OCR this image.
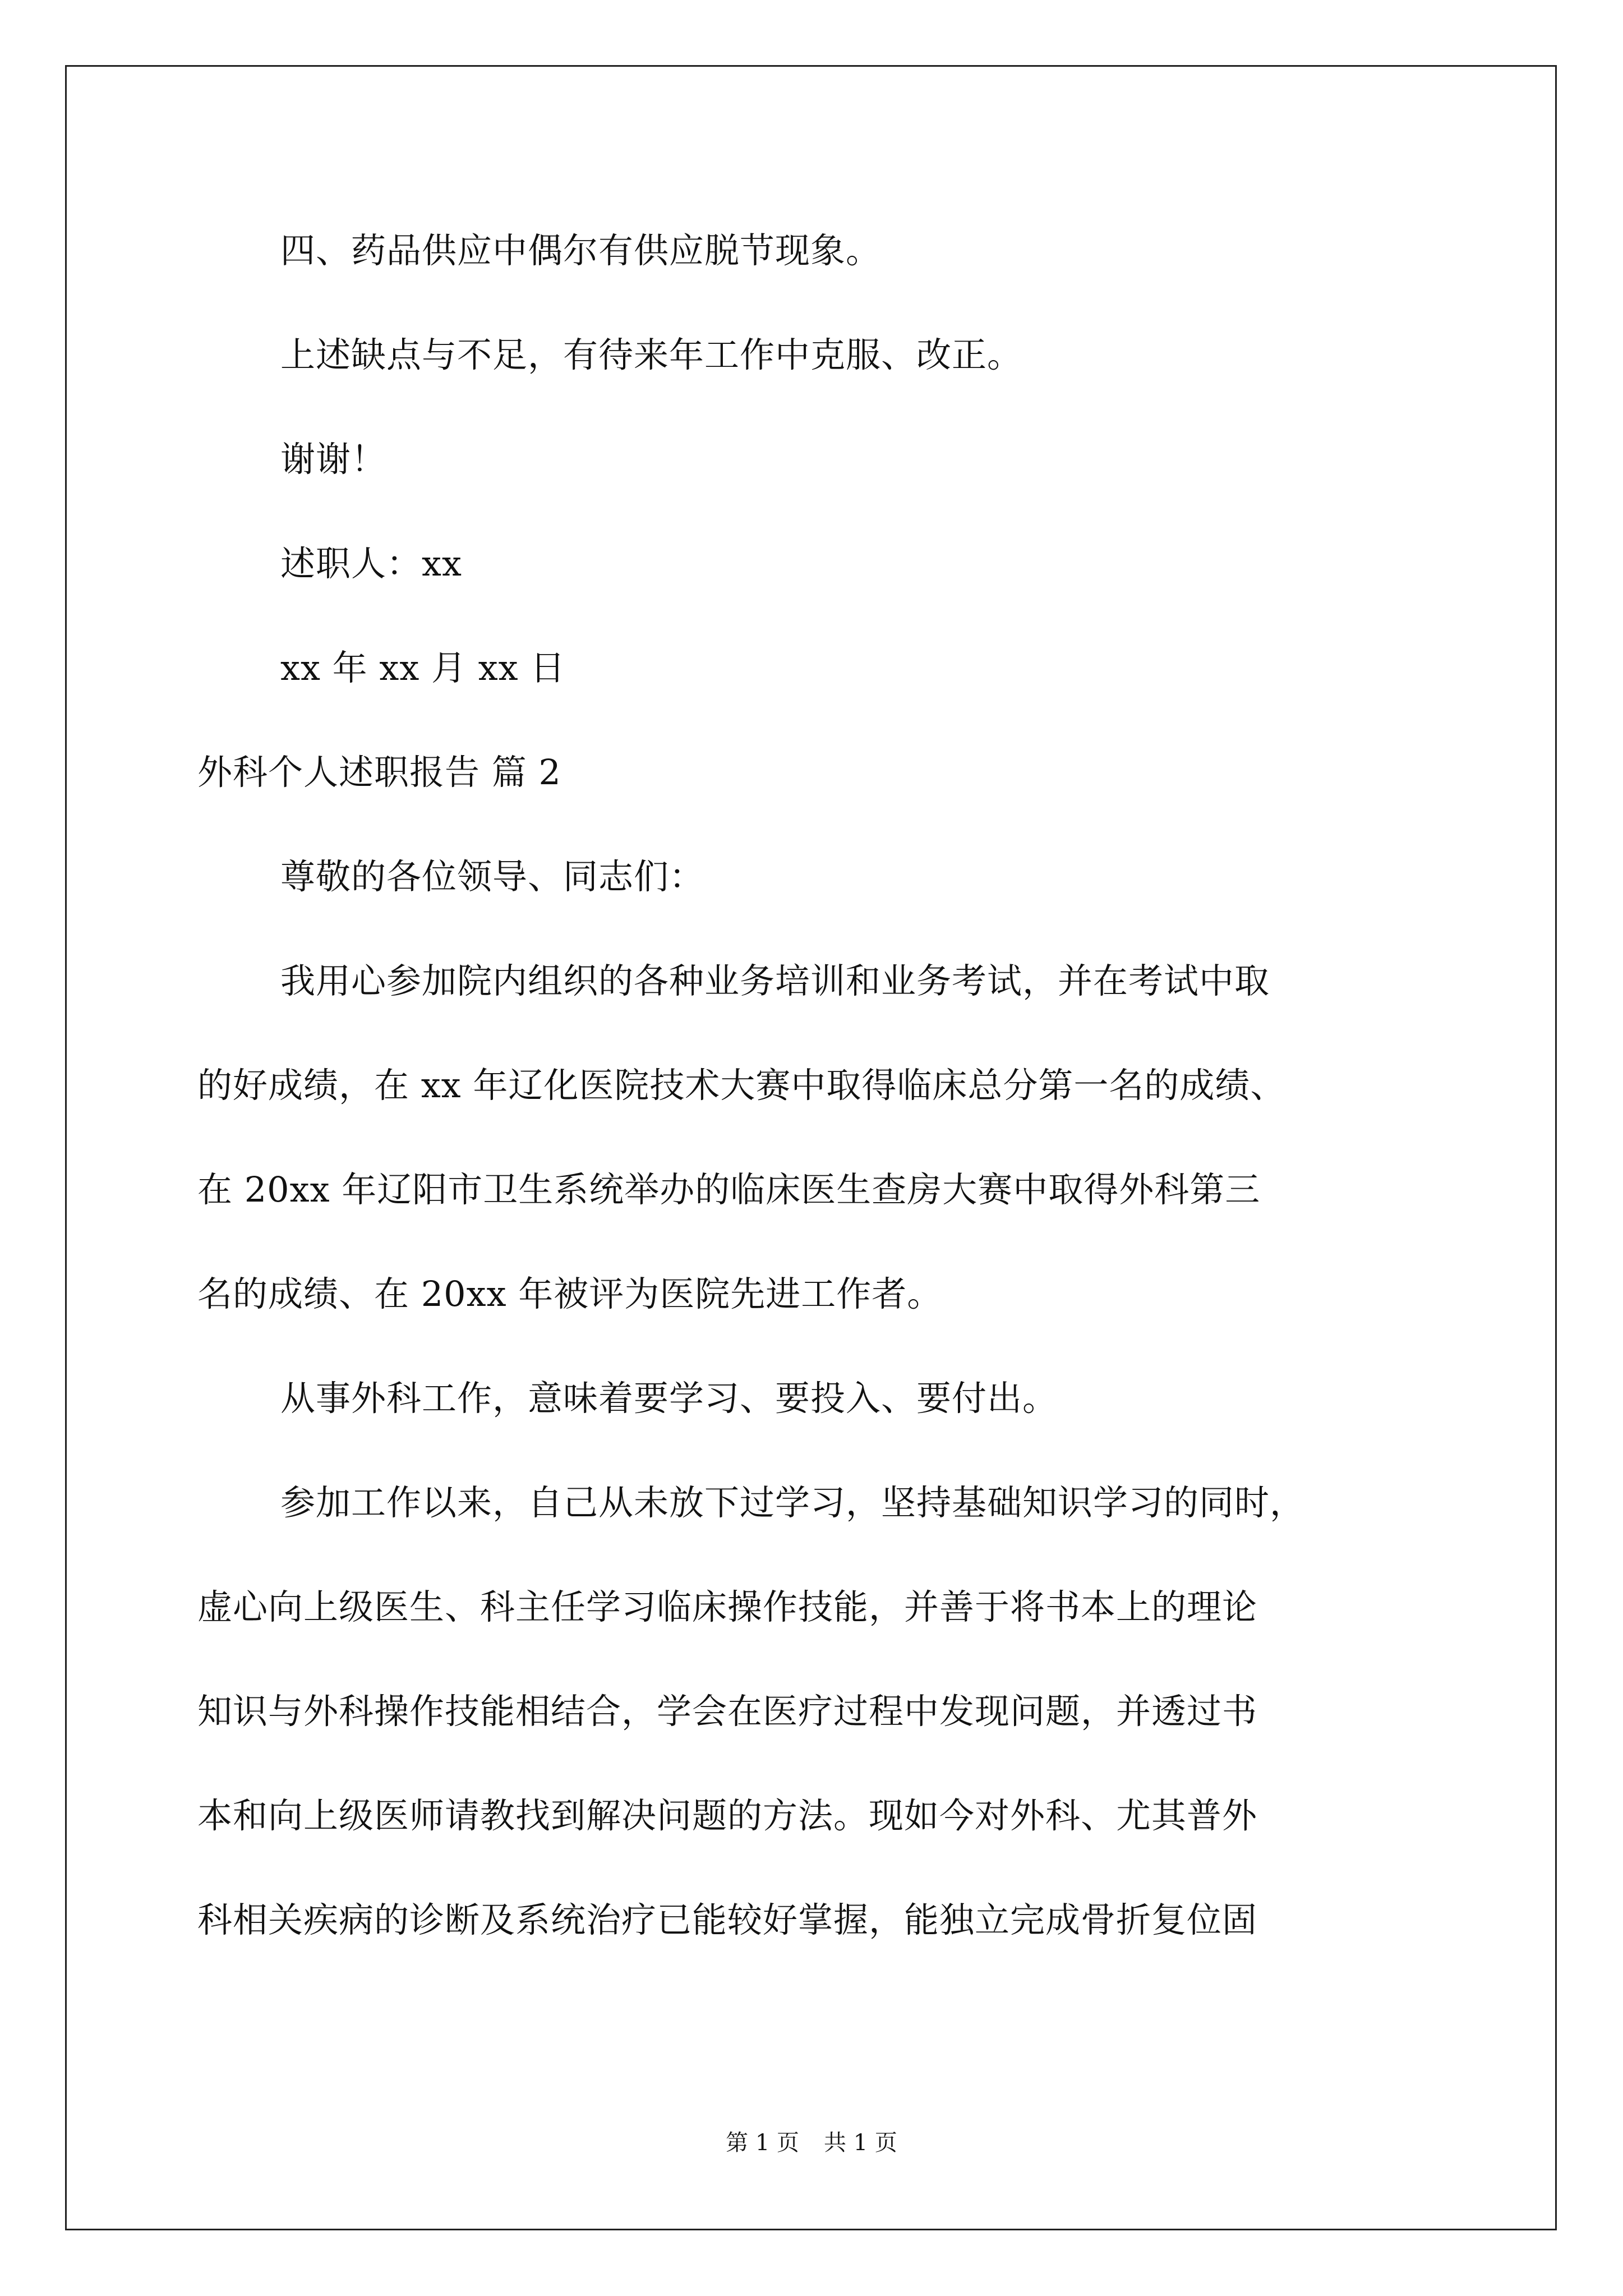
四、药品供应中偶尔有供应脱节现象。

上述缺点与不足，有待来年工作中克服、改正。

谢谢！

述职人：xx

xx 年 xx 月 xx 日

外科个人述职报告 篇 2

尊敬的各位领导、同志们：

我用心参加院内组织的各种业务培训和业务考试，并在考试中取

的好成绩，在 xx 年辽化医院技术大赛中取得临床总分第一名的成绩、

在 20xx 年辽阳市卫生系统举办的临床医生查房大赛中取得外科第三

名的成绩、在 20xx 年被评为医院先进工作者。

从事外科工作，意味着要学习、要投入、要付出。

参加工作以来，自己从未放下过学习，坚持基础知识学习的同时，

虚心向上级医生、科主任学习临床操作技能，并善于将书本上的理论

知识与外科操作技能相结合，学会在医疗过程中发现问题，并透过书

本和向上级医师请教找到解决问题的方法。现如今对外科、尤其普外

科相关疾病的诊断及系统治疗已能较好掌握，能独立完成骨折复位固

第 1 页 共 1 页
